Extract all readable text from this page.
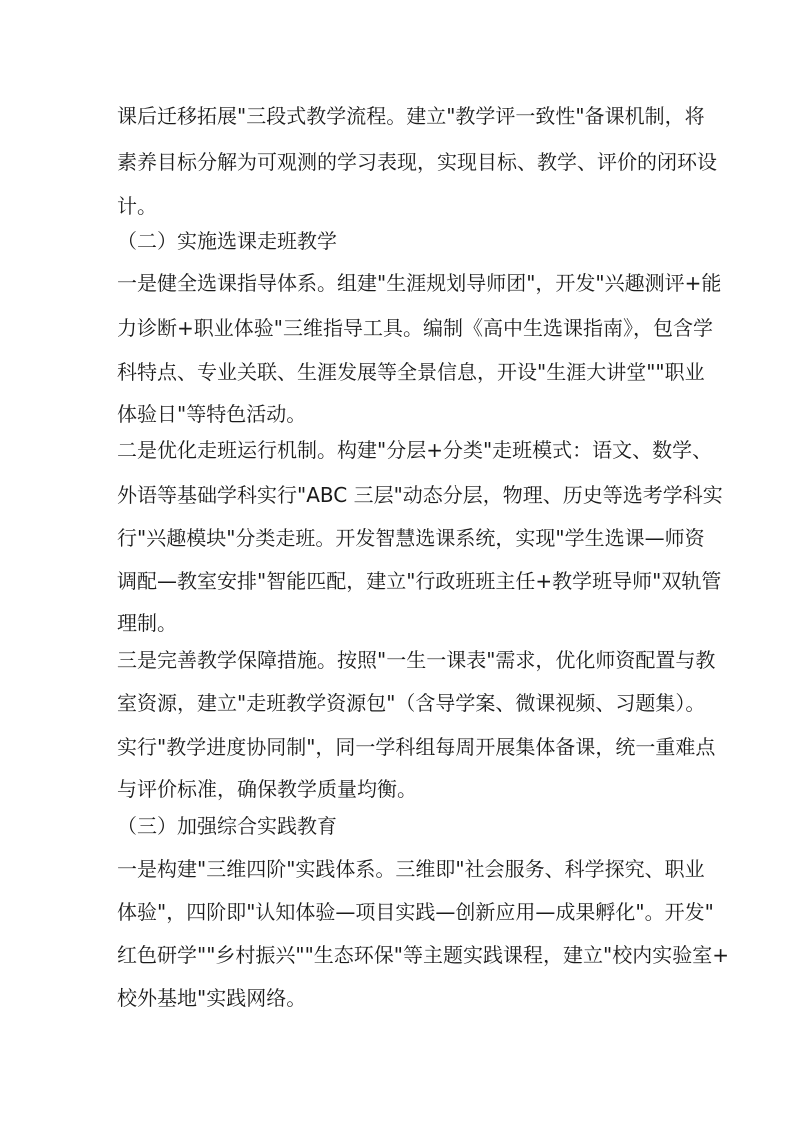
课后迁移拓展"三段式教学流程。建立"教学评一致性"备课机制，将
素养目标分解为可观测的学习表现，实现目标、教学、评价的闭环设
计。
（二）实施选课走班教学
一是健全选课指导体系。组建"生涯规划导师团"，开发"兴趣测评+能
力诊断+职业体验"三维指导工具。编制《高中生选课指南》，包含学
科特点、专业关联、生涯发展等全景信息，开设"生涯大讲堂""职业
体验日"等特色活动。
二是优化走班运行机制。构建"分层+分类"走班模式：语文、数学、
外语等基础学科实行"ABC 三层"动态分层，物理、历史等选考学科实
行"兴趣模块"分类走班。开发智慧选课系统，实现"学生选课—师资
调配—教室安排"智能匹配，建立"行政班班主任+教学班导师"双轨管
理制。
三是完善教学保障措施。按照"一生一课表"需求，优化师资配置与教
室资源，建立"走班教学资源包"（含导学案、微课视频、习题集）。
实行"教学进度协同制"，同一学科组每周开展集体备课，统一重难点
与评价标准，确保教学质量均衡。
（三）加强综合实践教育
一是构建"三维四阶"实践体系。三维即"社会服务、科学探究、职业
体验"，四阶即"认知体验—项目实践—创新应用—成果孵化"。开发"
红色研学""乡村振兴""生态环保"等主题实践课程，建立"校内实验室+
校外基地"实践网络。
